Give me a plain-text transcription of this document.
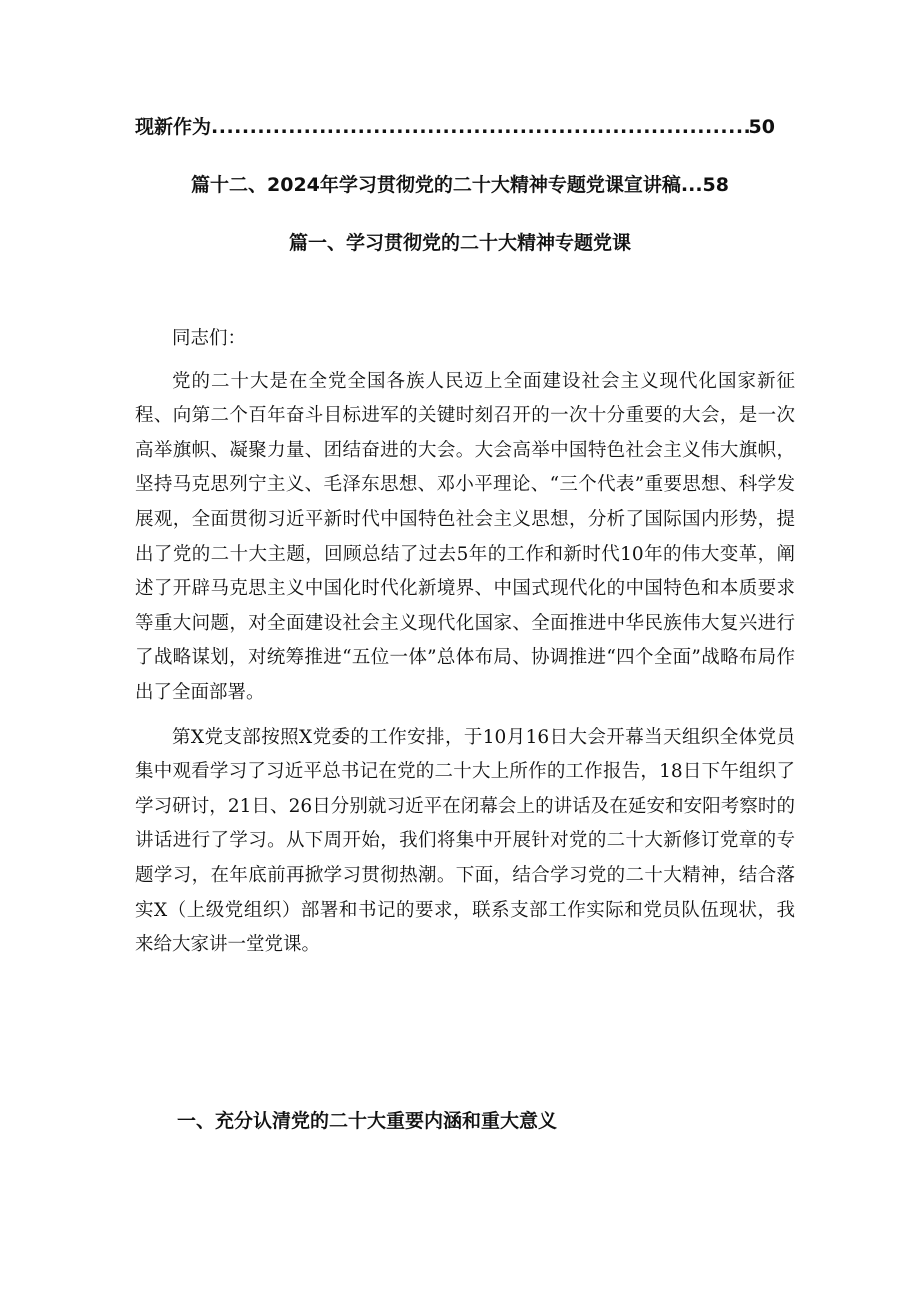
现新作为
.....	50
篇十二、2024年学习贯彻党的二十大精神专题党课宣讲稿...58
篇一、学习贯彻党的二十大精神专题党课

同志们：

党的二十大是在全党全国各族人民迈上全面建设社会主义现代化国家新征程、向第二个百年奋斗目标进军的关键时刻召开的一次十分重要的大会，是一次高举旗帜、凝聚力量、团结奋进的大会。大会高举中国特色社会主义伟大旗帜，坚持马克思列宁主义、毛泽东思想、邓小平理论、“三个代表”重要思想、科学发展观，全面贯彻习近平新时代中国特色社会主义思想，分析了国际国内形势，提出了党的二十大主题，回顾总结了过去5年的工作和新时代10年的伟大变革，阐述了开辟马克思主义中国化时代化新境界、中国式现代化的中国特色和本质要求等重大问题，对全面建设社会主义现代化国家、全面推进中华民族伟大复兴进行了战略谋划，对统筹推进“五位一体”总体布局、协调推进“四个全面”战略布局作出了全面部署。

第X党支部按照X党委的工作安排，于10月16日大会开幕当天组织全体党员集中观看学习了习近平总书记在党的二十大上所作的工作报告，18日下午组织了学习研讨，21日、26日分别就习近平在闭幕会上的讲话及在延安和安阳考察时的讲话进行了学习。从下周开始，我们将集中开展针对党的二十大新修订党章的专题学习，在年底前再掀学习贯彻热潮。下面，结合学习党的二十大精神，结合落实X（上级党组织）部署和书记的要求，联系支部工作实际和党员队伍现状，我来给大家讲一堂党课。

一、充分认清党的二十大重要内涵和重大意义
